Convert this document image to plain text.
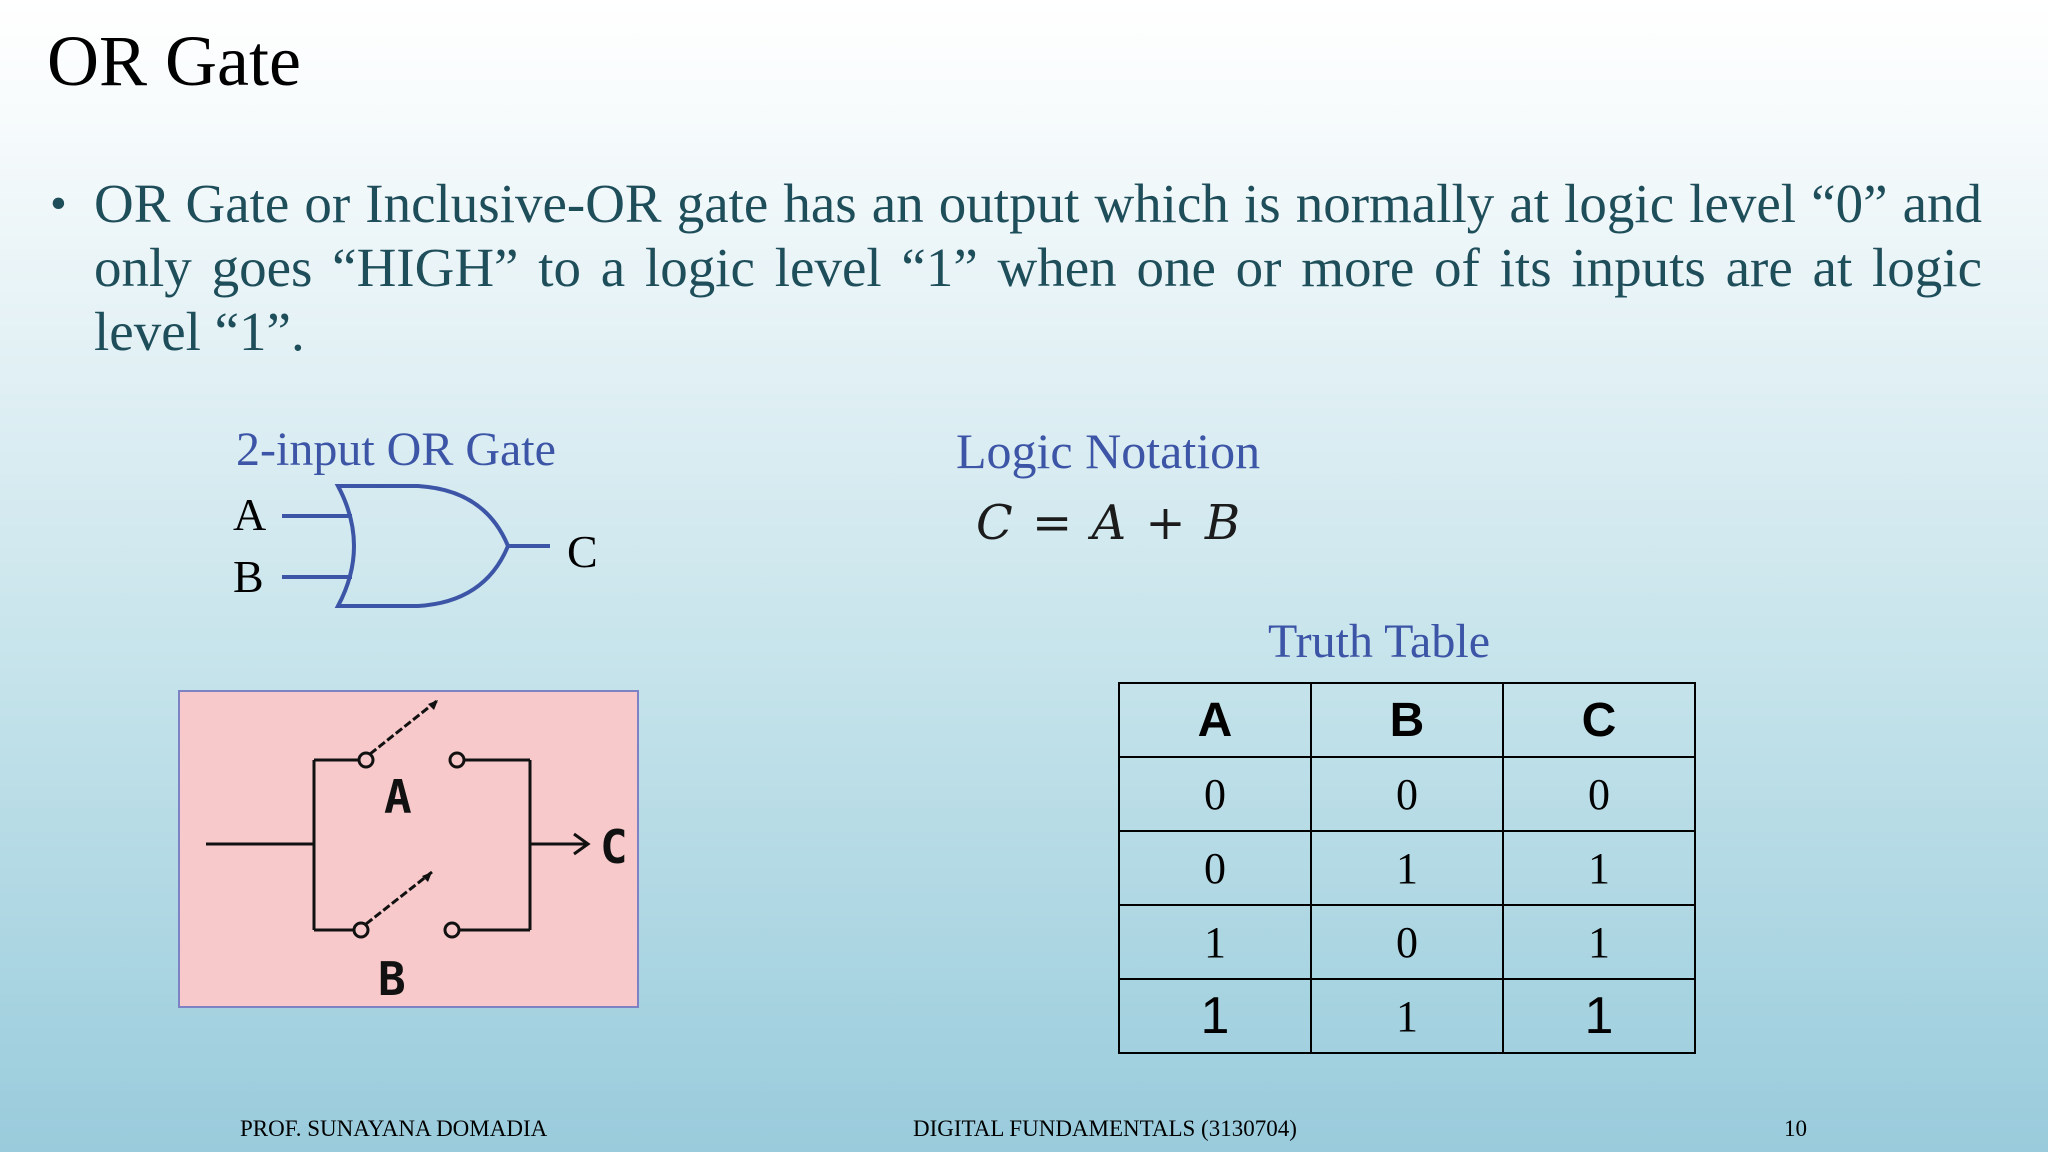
OR Gate
• OR Gate or Inclusive-OR gate has an output which is normally at logic level “0” and only goes “HIGH” to a logic level “1” when one or more of its inputs are at logic level “1”.

2-input OR Gate
A
B	C
Logic Notation
C = A + B
A
B
C
Truth Table
A	B	C
0	0	0
0	1	1
1	0	1
1	1	1
PROF. SUNAYANA DOMADIA	DIGITAL FUNDAMENTALS (3130704)	10
